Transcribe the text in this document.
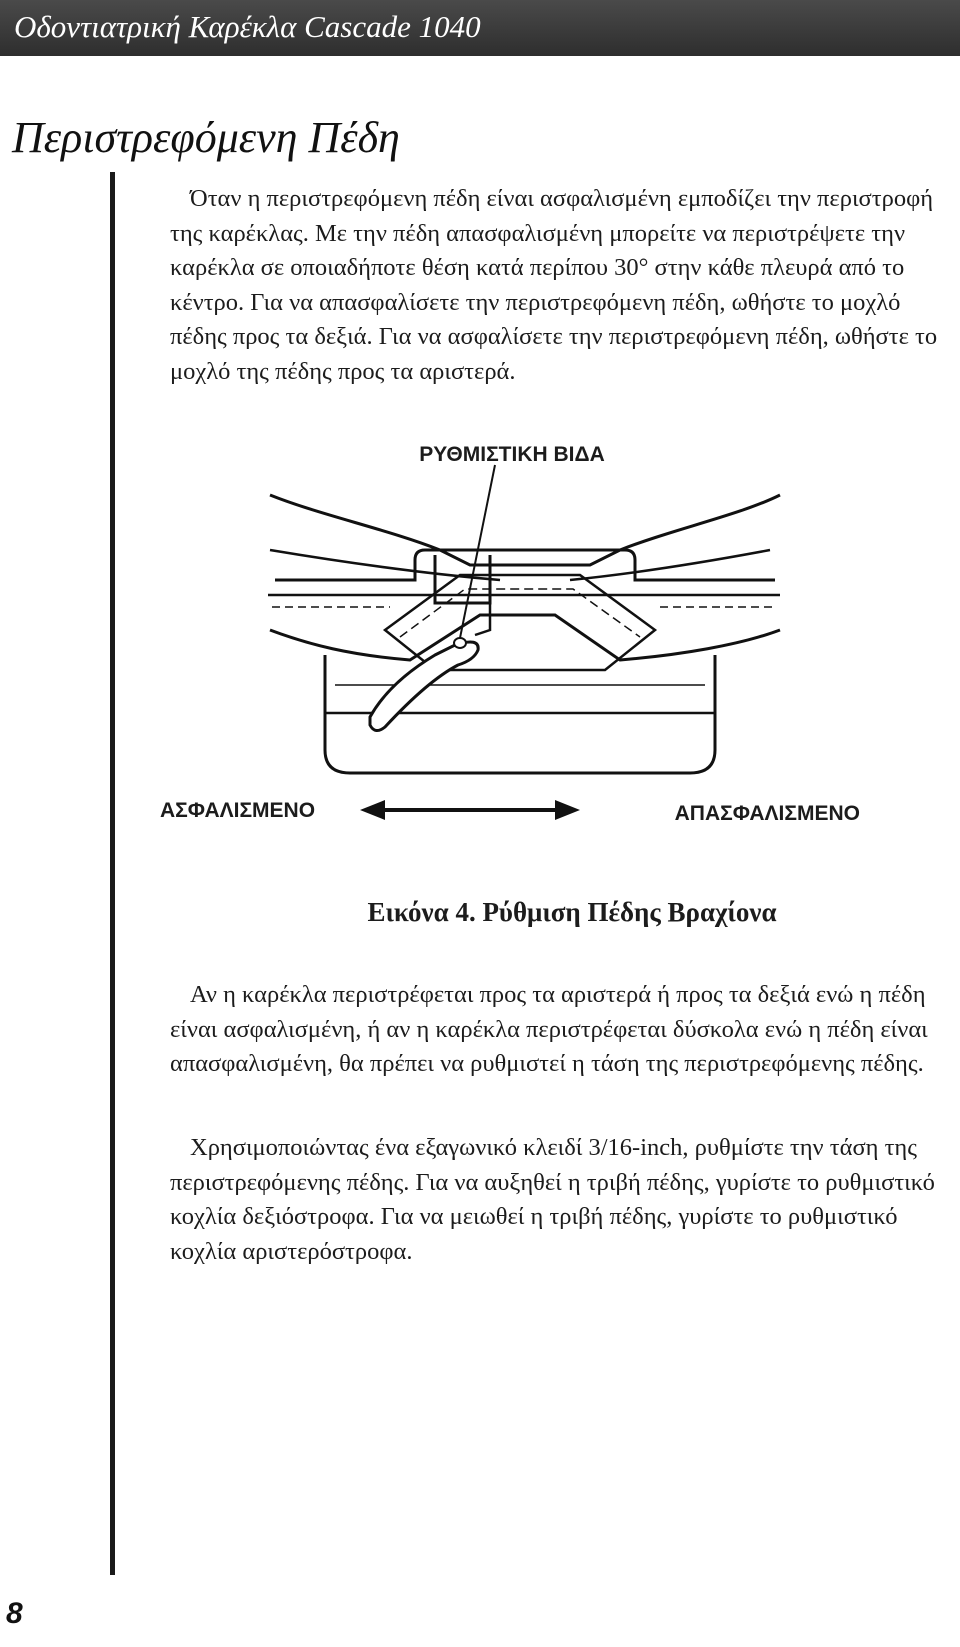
Οδοντιατρική Καρέκλα Cascade 1040
Περιστρεφόμενη Πέδη

Όταν η περιστρεφόμενη πέδη είναι ασφαλισμένη εμποδίζει την περιστροφή της καρέκλας. Με την πέδη απασφαλισμένη μπορείτε να περιστρέψετε την καρέκλα σε οποιαδήποτε θέση κατά περίπου 30° στην κάθε πλευρά από το κέντρο. Για να απασφαλίσετε την περιστρεφόμενη πέδη, ωθήστε το μοχλό πέδης προς τα δεξιά. Για να ασφαλίσετε την περιστρεφόμενη πέδη, ωθήστε το μοχλό της πέδης προς τα αριστερά.

ΡΥΘΜΙΣΤΙΚΗ ΒΙΔΑ
ΑΣΦΑΛΙΣΜΕΝΟ	ΑΠΑΣΦΑΛΙΣΜΕΝΟ
Εικόνα 4. Ρύθμιση Πέδης Βραχίονα

Αν η καρέκλα περιστρέφεται προς τα αριστερά ή προς τα δεξιά ενώ η πέδη είναι ασφαλισμένη, ή αν η καρέκλα περιστρέφεται δύσκολα ενώ η πέδη είναι απασφαλισμένη, θα πρέπει να ρυθμιστεί η τάση της περιστρεφόμενης πέδης.

Χρησιμοποιώντας ένα εξαγωνικό κλειδί 3/16-inch, ρυθμίστε την τάση της περιστρεφόμενης πέδης. Για να αυξηθεί η τριβή πέδης, γυρίστε το ρυθμιστικό κοχλία δεξιόστροφα. Για να μειωθεί η τριβή πέδης, γυρίστε το ρυθμιστικό κοχλία αριστερόστροφα.

8
